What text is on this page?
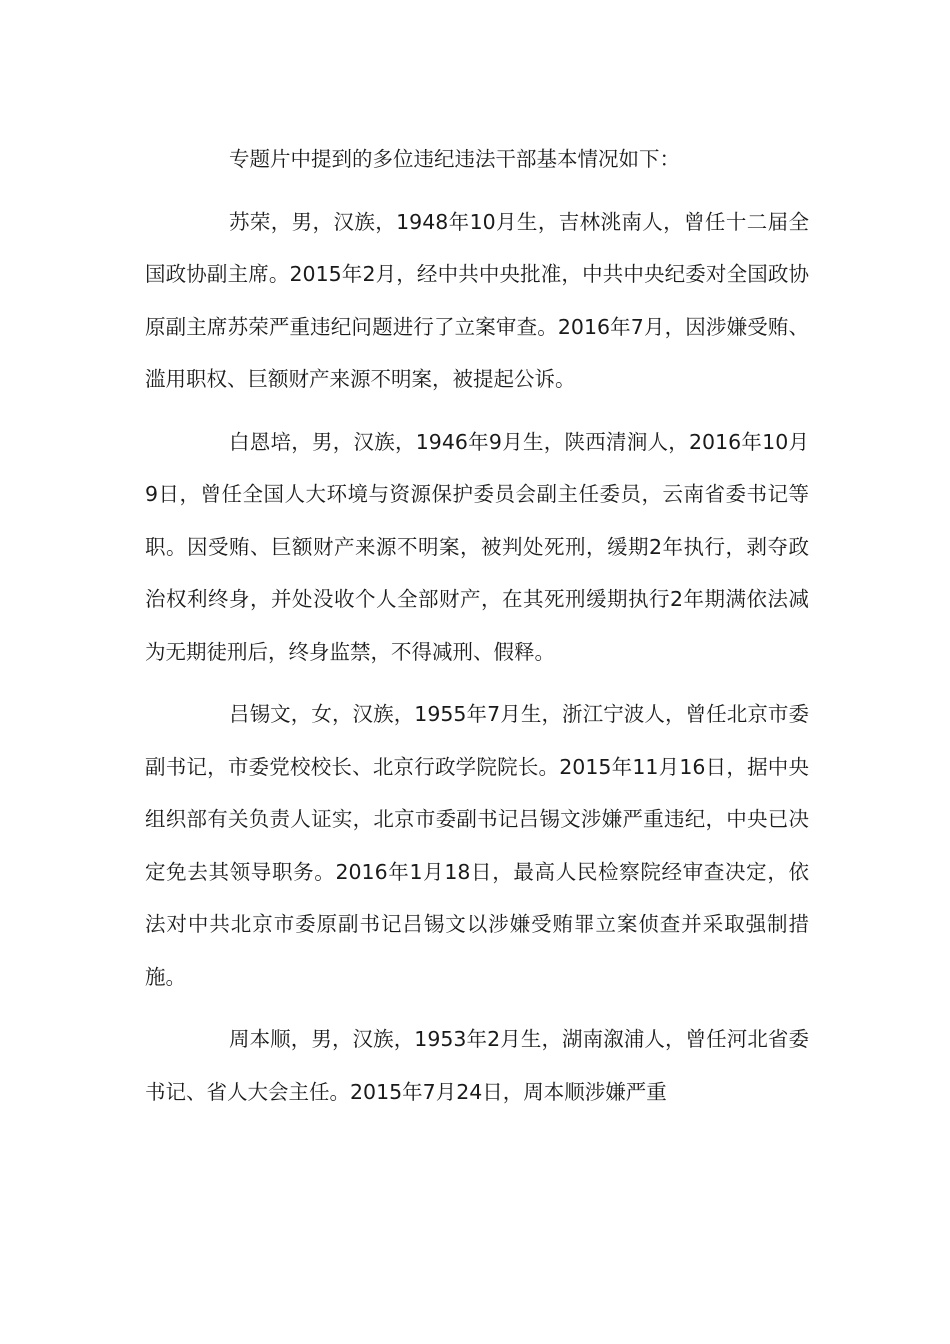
专题片中提到的多位违纪违法干部基本情况如下：

苏荣，男，汉族，1948年10月生，吉林洮南人，曾任十二届全国政协副主席。2015年2月，经中共中央批准，中共中央纪委对全国政协原副主席苏荣严重违纪问题进行了立案审查。2016年7月，因涉嫌受贿、滥用职权、巨额财产来源不明案，被提起公诉。

白恩培，男，汉族，1946年9月生，陕西清涧人，2016年10月9日，曾任全国人大环境与资源保护委员会副主任委员，云南省委书记等职。因受贿、巨额财产来源不明案，被判处死刑，缓期2年执行，剥夺政治权利终身，并处没收个人全部财产，在其死刑缓期执行2年期满依法减为无期徒刑后，终身监禁，不得减刑、假释。

吕锡文，女，汉族，1955年7月生，浙江宁波人，曾任北京市委副书记，市委党校校长、北京行政学院院长。2015年11月16日，据中央组织部有关负责人证实，北京市委副书记吕锡文涉嫌严重违纪，中央已决定免去其领导职务。2016年1月18日，最高人民检察院经审查决定，依法对中共北京市委原副书记吕锡文以涉嫌受贿罪立案侦查并采取强制措施。

周本顺，男，汉族，1953年2月生，湖南溆浦人，曾任河北省委书记、省人大会主任。2015年7月24日，周本顺涉嫌严重
